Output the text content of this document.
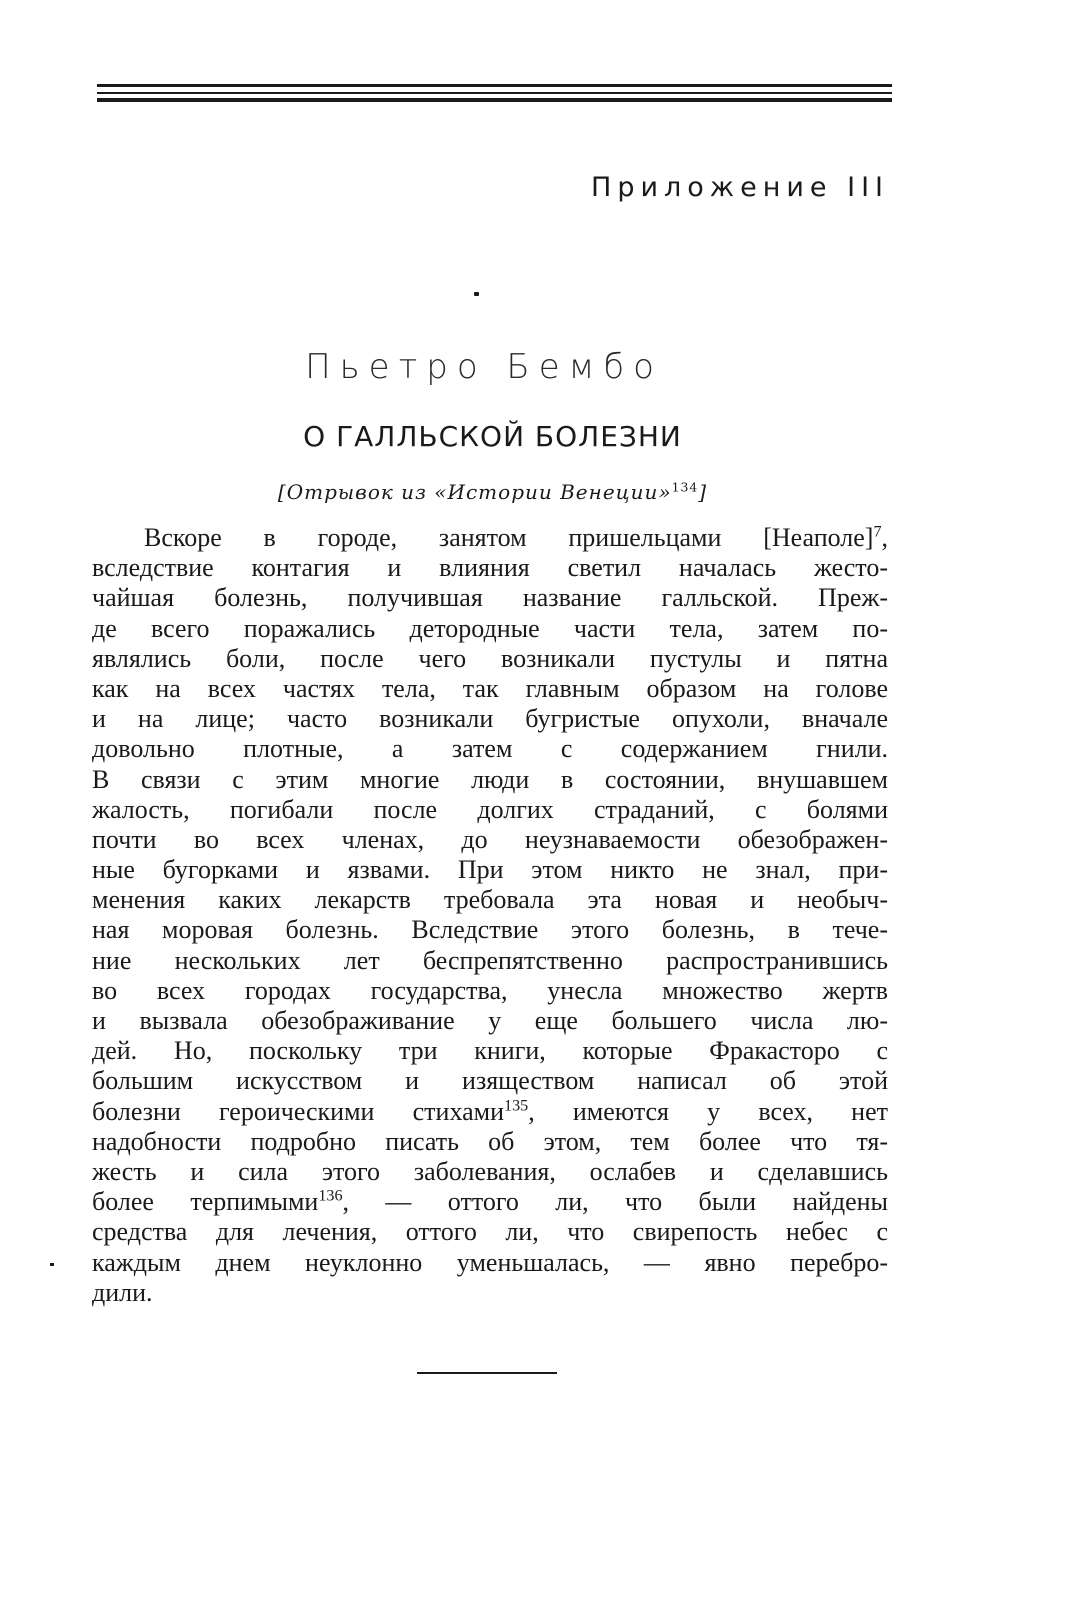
Приложение III
Пьетро Бембо
О ГАЛЛЬСКОЙ БОЛЕЗНИ
[Отрывок из «Истории Венеции»$^{134}$]
Вскоре в городе, занятом пришельцами [Неаполе]$^7$,
вследствие контагия и влияния светил началась жесто-
чайшая болезнь, получившая название галльской. Преж-
де всего поражались детородные части тела, затем по-
являлись боли, после чего возникали пустулы и пятна
как на всех частях тела, так главным образом на голове
и на лице; часто возникали бугристые опухоли, вначале
довольно плотные, а затем с содержанием гнили.
В связи с этим многие люди в состоянии, внушавшем
жалость, погибали после долгих страданий, с болями
почти во всех членах, до неузнаваемости обезображен-
ные бугорками и язвами. При этом никто не знал, при-
менения каких лекарств требовала эта новая и необыч-
ная моровая болезнь. Вследствие этого болезнь, в тече-
ние нескольких лет беспрепятственно распространившись
во всех городах государства, унесла множество жертв
и вызвала обезображивание у еще большего числа лю-
дей. Но, поскольку три книги, которые Фракасторо с
большим искусством и изяществом написал об этой
болезни героическими стихами$^{135}$, имеются у всех, нет
надобности подробно писать об этом, тем более что тя-
жесть и сила этого заболевания, ослабев и сделавшись
более терпимыми$^{136}$, — оттого ли, что были найдены
средства для лечения, оттого ли, что свирепость небес с
каждым днем неуклонно уменьшалась, — явно перебро-
дили.
